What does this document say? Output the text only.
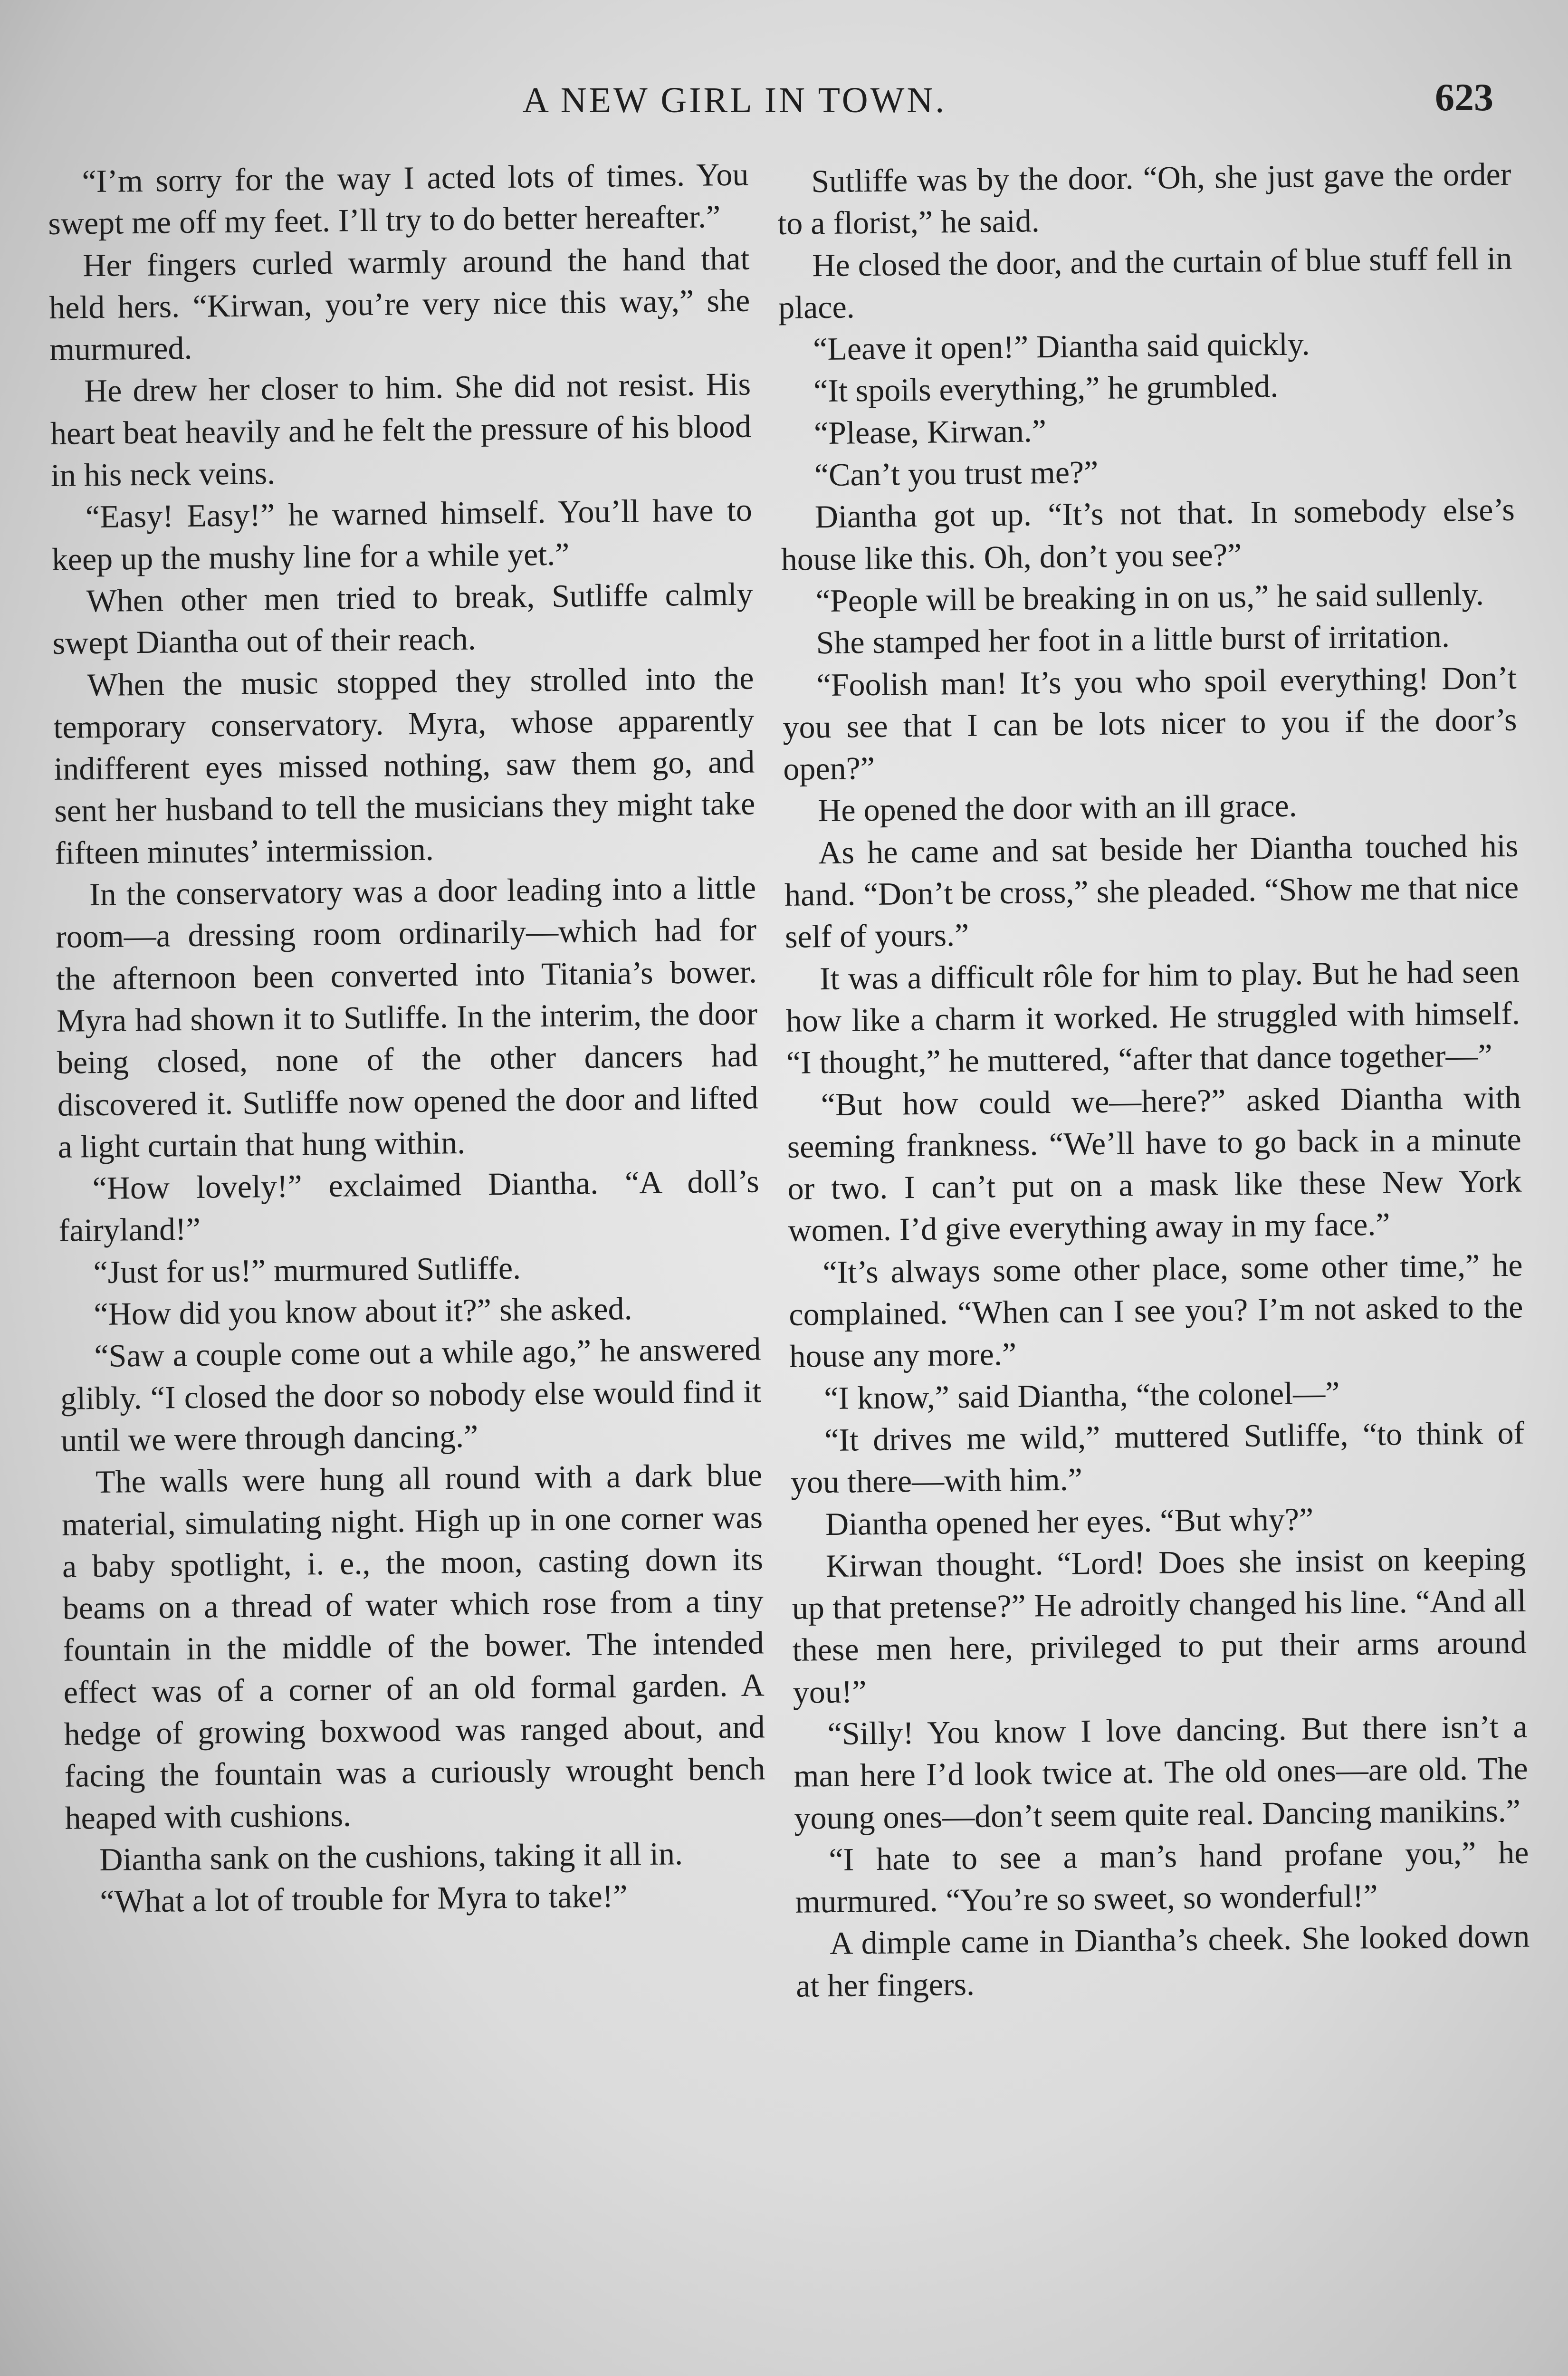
A NEW GIRL IN TOWN.	623

“I’m sorry for the way I acted lots of times. You swept me off my feet. I’ll try to do better hereafter.”

Her fingers curled warmly around the hand that held hers. “Kirwan, you’re very nice this way,” she murmured.

He drew her closer to him. She did not resist. His heart beat heavily and he felt the pressure of his blood in his neck veins.

“Easy! Easy!” he warned himself. You’ll have to keep up the mushy line for a while yet.”

When other men tried to break, Sutliffe calmly swept Diantha out of their reach.

When the music stopped they strolled into the temporary conservatory. Myra, whose apparently indifferent eyes missed nothing, saw them go, and sent her husband to tell the musicians they might take fifteen minutes’ intermission.

In the conservatory was a door leading into a little room—a dressing room ordinarily—which had for the afternoon been converted into Titania’s bower. Myra had shown it to Sutliffe. In the interim, the door being closed, none of the other dancers had discovered it. Sutliffe now opened the door and lifted a light curtain that hung within.

“How lovely!” exclaimed Diantha. “A doll’s fairyland!”

“Just for us!” murmured Sutliffe.

“How did you know about it?” she asked.

“Saw a couple come out a while ago,” he answered glibly. “I closed the door so nobody else would find it until we were through dancing.”

The walls were hung all round with a dark blue material, simulating night. High up in one corner was a baby spotlight, i. e., the moon, casting down its beams on a thread of water which rose from a tiny fountain in the middle of the bower. The intended effect was of a corner of an old formal garden. A hedge of growing boxwood was ranged about, and facing the fountain was a curiously wrought bench heaped with cushions.

Diantha sank on the cushions, taking it all in.

“What a lot of trouble for Myra to take!”

Sutliffe was by the door. “Oh, she just gave the order to a florist,” he said.

He closed the door, and the curtain of blue stuff fell in place.

“Leave it open!” Diantha said quickly.

“It spoils everything,” he grumbled.

“Please, Kirwan.”

“Can’t you trust me?”

Diantha got up. “It’s not that. In somebody else’s house like this. Oh, don’t you see?”

“People will be breaking in on us,” he said sullenly.

She stamped her foot in a little burst of irritation.

“Foolish man! It’s you who spoil everything! Don’t you see that I can be lots nicer to you if the door’s open?”

He opened the door with an ill grace.

As he came and sat beside her Diantha touched his hand. “Don’t be cross,” she pleaded. “Show me that nice self of yours.”

It was a difficult rôle for him to play. But he had seen how like a charm it worked. He struggled with himself. “I thought,” he muttered, “after that dance together—”

“But how could we—here?” asked Diantha with seeming frankness. “We’ll have to go back in a minute or two. I can’t put on a mask like these New York women. I’d give everything away in my face.”

“It’s always some other place, some other time,” he complained. “When can I see you? I’m not asked to the house any more.”

“I know,” said Diantha, “the colonel—”

“It drives me wild,” muttered Sutliffe, “to think of you there—with him.”

Diantha opened her eyes. “But why?”

Kirwan thought. “Lord! Does she insist on keeping up that pretense?” He adroitly changed his line. “And all these men here, privileged to put their arms around you!”

“Silly! You know I love dancing. But there isn’t a man here I’d look twice at. The old ones—are old. The young ones—don’t seem quite real. Dancing manikins.”

“I hate to see a man’s hand profane you,” he murmured. “You’re so sweet, so wonderful!”

A dimple came in Diantha’s cheek. She looked down at her fingers.
